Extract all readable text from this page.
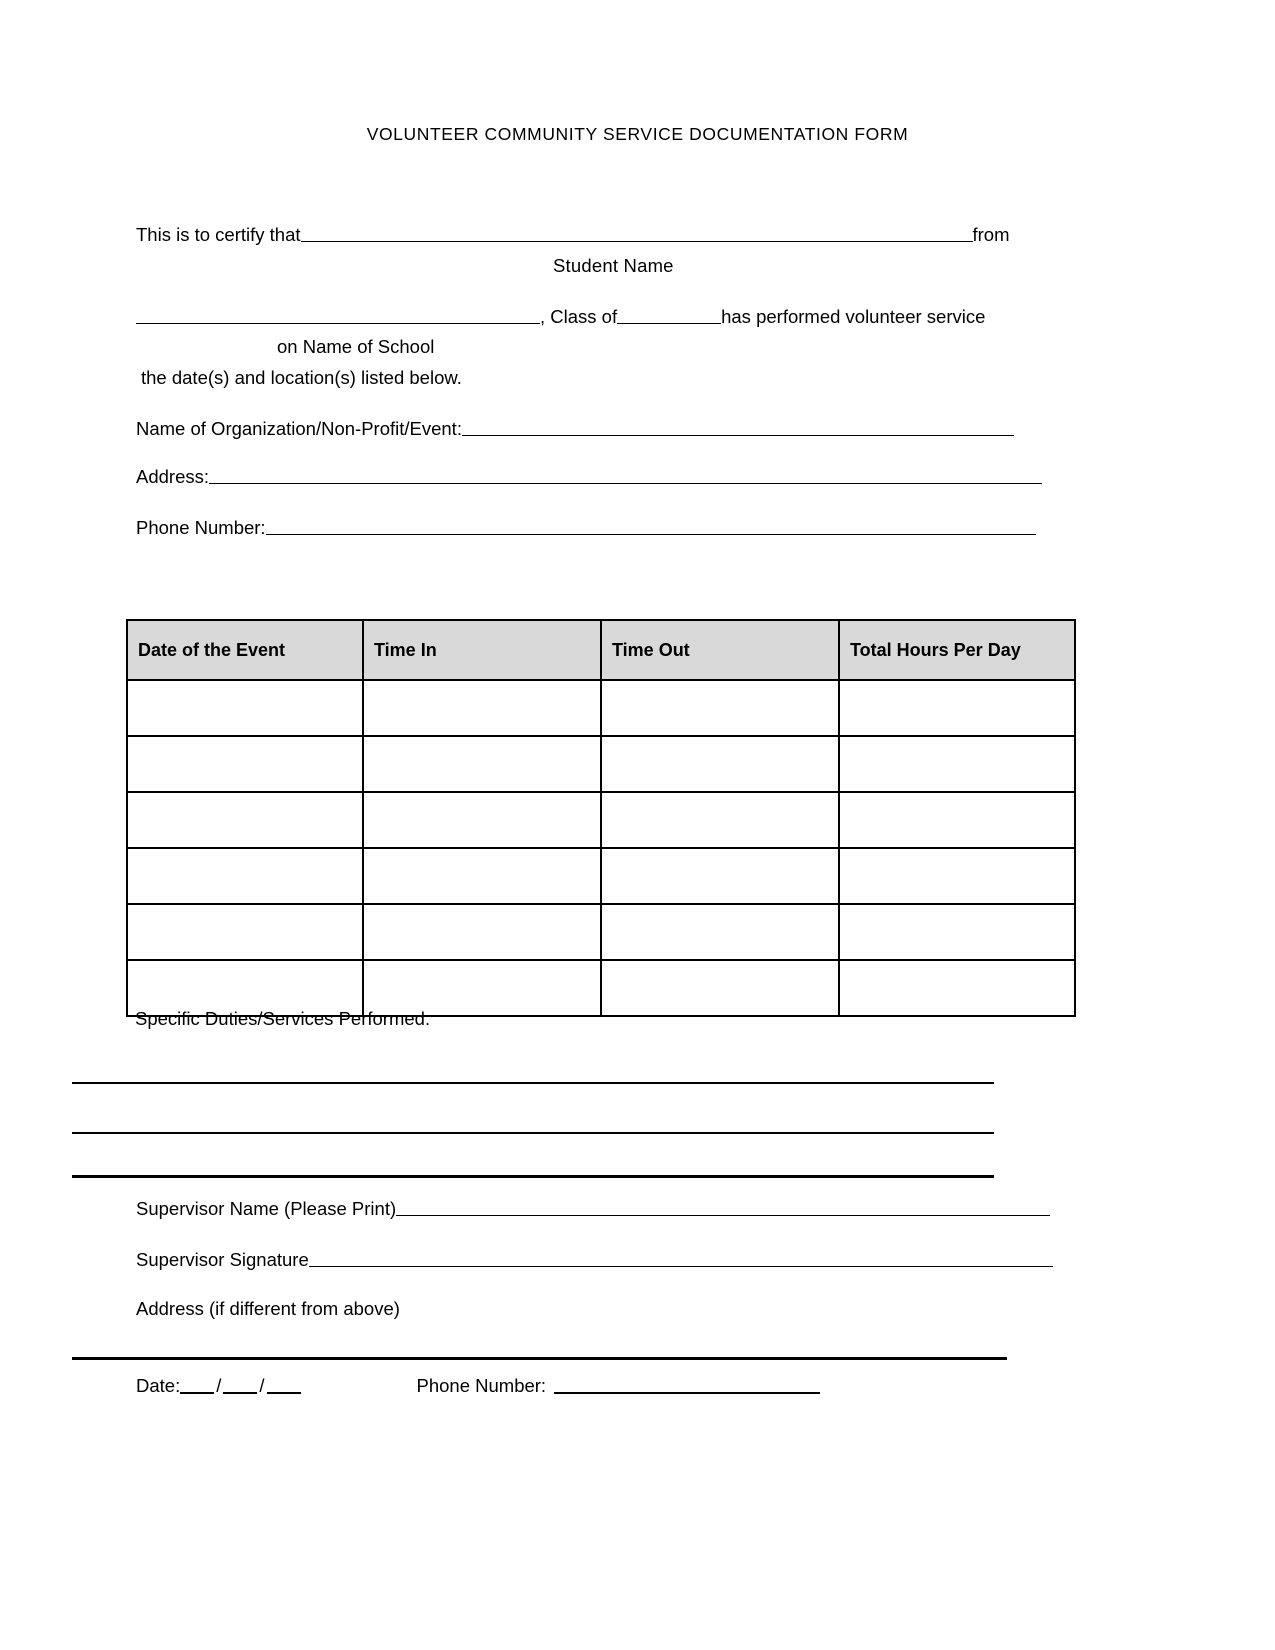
VOLUNTEER COMMUNITY SERVICE DOCUMENTATION FORM
This is to certify that	from
Student Name
, Class of	has performed volunteer service
on Name of School
the date(s) and location(s) listed below.
Name of Organization/Non-Profit/Event:
Address:
Phone Number:
Date of the Event	Time In	Time Out	Total Hours Per Day

Specific Duties/Services Performed:
Supervisor Name (Please Print)
Supervisor Signature
Address (if different from above)
Date: / /	Phone Number:
